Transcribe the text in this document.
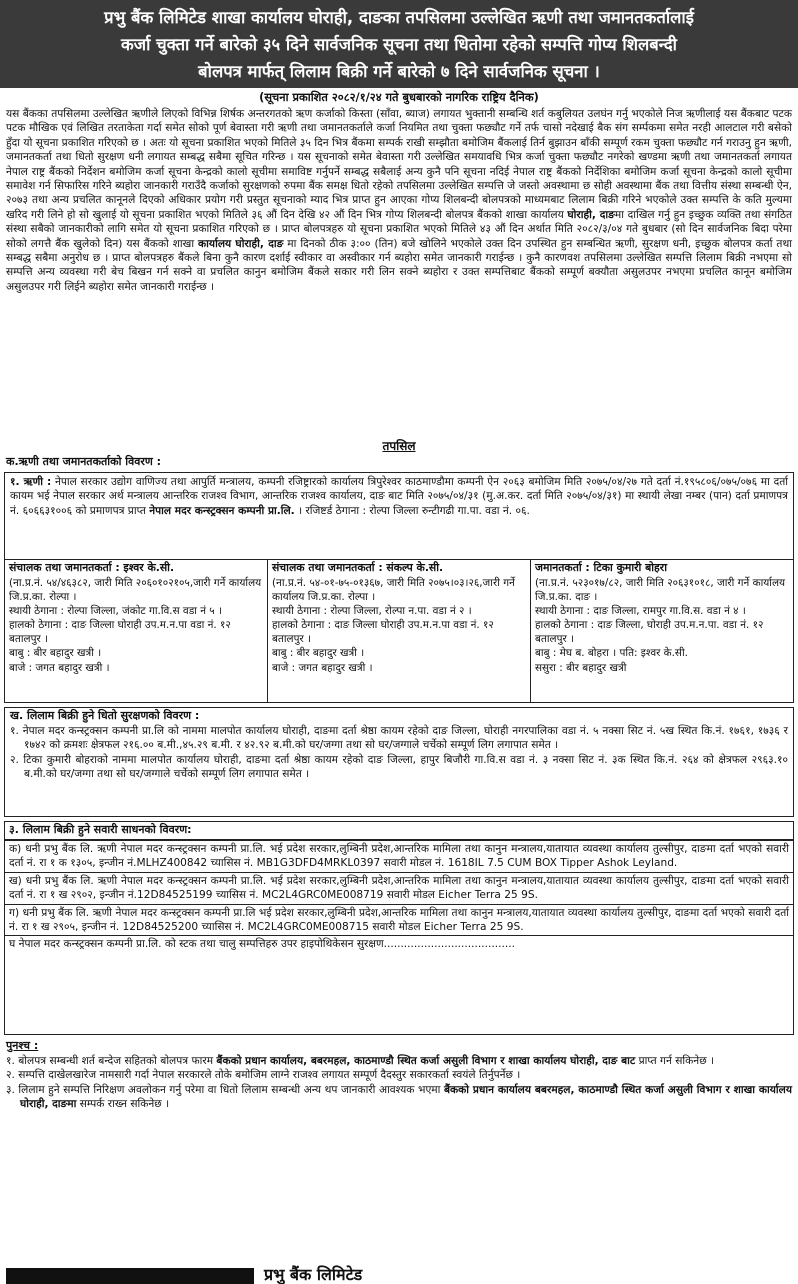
प्रभु बैंक लिमिटेड शाखा कार्यालय घोराही, दाङका तपसिलमा उल्लेखित ऋणी तथा जमानतकर्तालाई
कर्जा चुक्ता गर्ने बारेको ३५ दिने सार्वजनिक सूचना तथा धितोमा रहेको सम्पत्ति गोप्य शिलबन्दी
बोलपत्र मार्फत् लिलाम बिक्री गर्ने बारेको ७ दिने सार्वजनिक सूचना ।
(सूचना प्रकाशित २०८२/१/२४ गते बुधबारको नागरिक राष्ट्रिय दैनिक)
यस बैंकका तपसिलमा उल्लेखित ऋणीले लिएको विभिन्न शिर्षक अन्तरगतको ऋण कर्जाको किस्ता (साँवा, ब्याज) लगायत भुक्तानी सम्बन्धि शर्त कबुलियत उलघंन गर्नु भएकोले निज ऋणीलाई यस बैंकबाट पटक पटक मौखिक एवं लिखित तरताकेता गर्दा समेत सोको पूर्ण बेवास्ता गरी ऋणी तथा जमानतकर्ताले कर्जा नियमित तथा चुक्ता फछ्यौट गर्ने तर्फ चासो नदेखाई बैक संग सर्म्पकमा समेत नरही आलटाल गरी बसेको हुँदा यो सूचना प्रकाशित गरिएको छ । अतः यो सूचना प्रकाशित भएको मितिले ३५ दिन भित्र बैंकमा सम्पर्क राखी सम्झौता बमोजिम बैंकलाई तिर्न बुझाउन बाँकी सम्पूर्ण रकम चुक्ता फछ्यौट गर्न गराउनु हुन ऋणी, जमानतकर्ता तथा धितो सुरक्षण धनी लगायत सम्बद्ध सबैमा सूचित गरिन्छ । यस सूचनाको समेत बेवास्ता गरी उल्लेखित समयावधि भित्र कर्जा चुक्ता फछ्यौट नगरेको खण्डमा ऋणी तथा जमानतकर्ता लगायत नेपाल राष्ट्र बैंकको निर्देशन बमोजिम कर्जा सूचना केन्द्रको कालो सूचीमा समाविष्ट गर्नुपर्ने सम्बद्ध सबैलाई अन्य कुनै पनि सूचना नदिई नेपाल राष्ट्र बैंकको निर्देशिका बमोजिम कर्जा सूचना केन्द्रको कालो सूचीमा समावेश गर्न सिफारिस गरिने ब्यहोरा जानकारी गराउँदै कर्जाको सुरक्षणको रुपमा बैंक समक्ष धितो रहेको तपसिलमा उल्लेखित सम्पत्ति जे जस्तो अवस्थामा छ सोही अवस्थामा बैंक तथा वित्तीय संस्था सम्बन्धी ऐन, २०७३ तथा अन्य प्रचलित कानूनले दिएको अधिकार प्रयोग गरी प्रस्तुत सूचनाको म्याद भित्र प्राप्त हुन आएका गोप्य शिलबन्दी बोलपत्रको माध्यमबाट लिलाम बिक्री गरिने भएकोले उक्त सम्पत्ति के कति मुल्यमा खरिद गरी लिने हो सो खुलाई यो सूचना प्रकाशित भएको मितिले ३६ औं दिन देखि ४२ औं दिन भित्र गोप्य शिलबन्दी बोलपत्र बैंकको शाखा कार्यालय घोराही, दाङमा दाखिल गर्नु हुन इच्छुक व्यक्ति तथा संगठित संस्था सबैको जानकारीको लागि समेत यो सूचना प्रकाशित गरिएको छ । प्राप्त बोलपत्रहरु यो सूचना प्रकाशित भएको मितिले ४३ औं दिन अर्थात मिति २०८२/३/०४ गते बुधबार (सो दिन सार्वजनिक बिदा परेमा सोको लगत्तै बैंक खुलेको दिन) यस बैंकको शाखा कार्यालय घोराही, दाङ मा दिनको ठीक ३:०० (तिन) बजे खोलिने भएकोले उक्त दिन उपस्थित हुन सम्बन्धित ऋणी, सुरक्षण धनी, इच्छुक बोलपत्र कर्ता तथा सम्बद्ध सबैमा अनुरोध छ । प्राप्त बोलपत्रहरु बैंकले बिना कुनै कारण दर्शाई स्वीकार वा अस्वीकार गर्न ब्यहोरा समेत जानकारी गराईन्छ । कुनै कारणवश तपसिलमा उल्लेखित सम्पत्ति लिलाम बिक्री नभएमा सो सम्पत्ति अन्य व्यवस्था गरी बेच बिखन गर्न सक्ने वा प्रचलित कानुन बमोजिम बैंकले सकार गरी लिन सक्ने ब्यहोरा र उक्त सम्पत्तिबाट बैंकको सम्पूर्ण बक्यौता असुलउपर नभएमा प्रचलित कानून बमोजिम असुलउपर गरी लिईने ब्यहोरा समेत जानकारी गराईन्छ ।
तपसिल
क.ऋणी तथा जमानतकर्ताको विवरण :
१. ऋणी : नेपाल सरकार उद्योग वाणिज्य तथा आपुर्ति मन्त्रालय, कम्पनी रजिष्ट्रारको कार्यालय त्रिपुरेश्वर काठमाण्डौमा कम्पनी ऐन २०६३ बमोजिम मिति २०७५/०४/२७ गते दर्ता नं.१९५८०६/०७५/०७६ मा दर्ता कायम भई नेपाल सरकार अर्थ मन्त्रालय आन्तरिक राजश्व विभाग, आन्तरिक राजश्व कार्यालय, दाङ बाट मिति २०७५/०४/३१ (मु.अ.कर. दर्ता मिति २०७५/०४/३१) मा स्थायी लेखा नम्बर (पान) दर्ता प्रमाणपत्र नं. ६०६६३१००६ को प्रमाणपत्र प्राप्त नेपाल मदर कन्स्ट्रक्सन कम्पनी प्रा.लि. । रजिष्टर्ड ठेगाना : रोल्पा जिल्ला रुन्टीगढी गा.पा. वडा नं. ०६.
संचालक तथा जमानतकर्ता : इश्वर के.सी.
(ना.प्र.नं. ५४/४६३८२, जारी मिति २०६०१०२१०५,जारी गर्ने कार्यालय जि.प्र.का. रोल्पा ।
स्थायी ठेगाना : रोल्पा जिल्ला, जंकोट गा.वि.स वडा नं ५ ।
हालको ठेगाना : दाङ जिल्ला घोराही उप.म.न.पा वडा नं. १२ बतालपुर ।
बाबु : बीर बहादुर खत्री ।
बाजे : जगत बहादुर खत्री ।
संचालक तथा जमानतकर्ता : संकल्प के.सी.
(ना.प्र.नं. ५४-०१-७५-०१३६७, जारी मिति २०७५।०३।२६,जारी गर्ने कार्यालय जि.प्र.का. रोल्पा ।
स्थायी ठेगाना : रोल्पा जिल्ला, रोल्पा न.पा. वडा नं २ ।
हालको ठेगाना : दाङ जिल्ला घोराही उप.म.न.पा वडा नं. १२ बतालपुर ।
बाबु : बीर बहादुर खत्री ।
बाजे : जगत बहादुर खत्री ।
जमानतकर्ता : टिका कुमारी बोहरा
(ना.प्र.नं. ५२३०१७/८२, जारी मिति २०६३१०१८, जारी गर्ने कार्यालय जि.प्र.का. दाङ ।
स्थायी ठेगाना : दाङ जिल्ला, रामपुर गा.वि.स. वडा नं ४ ।
हालको ठेगाना : दाङ जिल्ला, घोराही उप.म.न.पा. वडा नं. १२ बतालपुर ।
बाबु : मेघ ब. बोहरा । पति: इश्वर के.सी.
ससुरा : बीर बहादुर खत्री
ख. लिलाम बिक्री हुने धितो सुरक्षणको विवरण :
१. नेपाल मदर कन्स्ट्रक्सन कम्पनी प्रा.लि को नाममा मालपोत कार्यालय घोराही, दाङमा दर्ता श्रेष्ठा कायम रहेको दाङ जिल्ला, घोराही नगरपालिका वडा नं. ५ नक्सा सिट नं. ५ख स्थित कि.नं. १७६१, १७३६ र १७४२ को क्रमशः क्षेत्रफल २१६.०० ब.मी.,४५.२९ ब.मी. र ४२.९२ ब.मी.को घर/जग्गा तथा सो घर/जग्गाले चर्चेको सम्पूर्ण लिग लगापात समेत ।
२. टिका कुमारी बोहराको नाममा मालपोत कार्यालय घोराही, दाङमा दर्ता श्रेष्ठा कायम रहेको दाङ जिल्ला, हापुर बिजौरी गा.वि.स वडा नं. ३ नक्सा सिट नं. ३क स्थित कि.नं. २६४ को क्षेत्रफल २९६३.१० ब.मी.को घर/जग्गा तथा सो घर/जग्गाले चर्चेको सम्पूर्ण लिग लगापात समेत ।
३. लिलाम बिक्री हुने सवारी साधनको विवरण:
क) धनी प्रभु बैंक लि. ऋणी नेपाल मदर कन्स्ट्रक्सन कम्पनी प्रा.लि. भई प्रदेश सरकार,लुम्बिनी प्रदेश,आन्तरिक मामिला तथा कानुन मन्त्रालय,यातायात व्यवस्था कार्यालय तुल्सीपुर, दाङमा दर्ता भएको सवारी दर्ता नं. रा १ क १३०५, इन्जीन नं.MLHZ400842 च्यासिस नं. MB1G3DFD4MRKL0397 सवारी मोडल नं. 1618IL 7.5 CUM BOX Tipper Ashok Leyland.
ख) धनी प्रभु बैंक लि. ऋणी नेपाल मदर कन्स्ट्रक्सन कम्पनी प्रा.लि. भई प्रदेश सरकार,लुम्बिनी प्रदेश,आन्तरिक मामिला तथा कानुन मन्त्रालय,यातायात व्यवस्था कार्यालय तुल्सीपुर, दाङमा दर्ता भएको सवारी दर्ता नं. रा १ ख २९०२, इन्जीन नं.12D84525199 च्यासिस नं. MC2L4GRC0ME008719 सवारी मोडल Eicher Terra 25 9S.
ग) धनी प्रभु बैंक लि. ऋणी नेपाल मदर कन्स्ट्रक्सन कम्पनी प्रा.लि भई प्रदेश सरकार,लुम्बिनी प्रदेश,आन्तरिक मामिला तथा कानुन मन्त्रालय,यातायात व्यवस्था कार्यालय तुल्सीपुर, दाङमा दर्ता भएको सवारी दर्ता नं. रा १ ख २९०५, इन्जीन नं. 12D84525200 च्यासिस नं. MC2L4GRC0ME008715 सवारी मोडल Eicher Terra 25 9S.
घ नेपाल मदर कन्स्ट्रक्सन कम्पनी प्रा.लि. को स्टक तथा चालु सम्पत्तिहरु उपर हाइपोथिकेसन सुरक्षण.......................................
पुनश्च :
१. बोलपत्र सम्बन्धी शर्त बन्देज सहितको बोलपत्र फारम बैंकको प्रधान कार्यालय, बबरमहल, काठमाण्डौ स्थित कर्जा असुली विभाग र शाखा कार्यालय घोराही, दाङ बाट प्राप्त गर्न सकिनेछ ।
२. सम्पत्ति दाखेलखारेज नामसारी गर्दा नेपाल सरकारले तोके बमोजिम लाग्ने राजश्व लगायत सम्पूर्ण दैदस्तुर सकारकर्ता स्वयंले तिर्नुपर्नेछ ।
३. लिलाम हुने सम्पत्ति निरिक्षण अवलोकन गर्नु परेमा वा धितो लिलाम सम्बन्धी अन्य थप जानकारी आवश्यक भएमा बैंकको प्रधान कार्यालय बबरमहल, काठमाण्डौ स्थित कर्जा असुली विभाग र शाखा कार्यालय घोराही, दाङमा सम्पर्क राख्न सकिनेछ ।
प्रभु बैंक लिमिटेड
